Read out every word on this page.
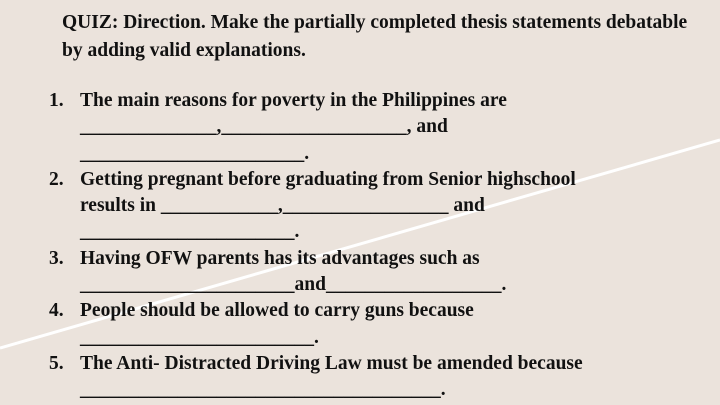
QUIZ: Direction. Make the partially completed thesis statements debatable by adding valid explanations.

1. The main reasons for poverty in the Philippines are
______________,___________________, and
_______________________.
2. Getting pregnant before graduating from Senior highschool
results in ____________,_________________ and
______________________.
3. Having OFW parents has its advantages such as
______________________and__________________.
4. People should be allowed to carry guns because
________________________.
5. The Anti- Distracted Driving Law must be amended because
_____________________________________.
